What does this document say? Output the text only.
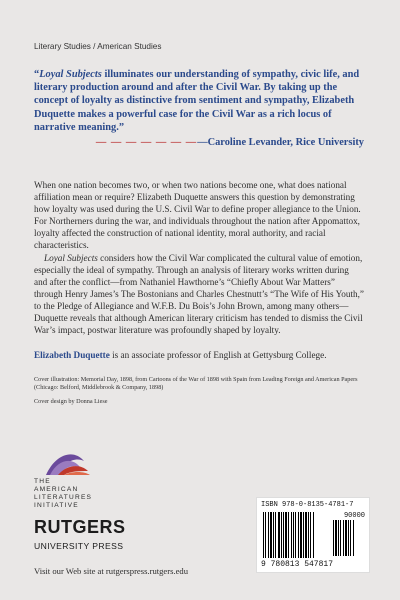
Literary Studies / American Studies
“Loyal Subjects illuminates our understanding of sympathy, civic life, and literary production around and after the Civil War. By taking up the concept of loyalty as distinctive from sentiment and sympathy, Elizabeth Duquette makes a powerful case for the Civil War as a rich locus of narrative meaning.”
— — — — — — ——Caroline Levander, Rice University

When one nation becomes two, or when two nations become one, what does national affiliation mean or require? Elizabeth Duquette answers this question by demonstrating how loyalty was used during the U.S. Civil War to define proper allegiance to the Union. For Northerners during the war, and individuals throughout the nation after Appomattox, loyalty affected the construction of national identity, moral authority, and racial characteristics.

Loyal Subjects considers how the Civil War complicated the cultural value of emotion, especially the ideal of sympathy. Through an analysis of literary works written during and after the conflict—from Nathaniel Hawthorne’s “Chiefly About War Matters” through Henry James’s The Bostonians and Charles Chestnutt’s “The Wife of His Youth,” to the Pledge of Allegiance and W.F.B. Du Bois’s John Brown, among many others—Duquette reveals that although American literary criticism has tended to dismiss the Civil War’s impact, postwar literature was profoundly shaped by loyalty.

Elizabeth Duquette is an associate professor of English at Gettysburg College.
Cover illustration: Memorial Day, 1898, from Cartoons of the War of 1898 with Spain from Leading Foreign and American Papers (Chicago: Belford, Middlebrook & Company, 1898)
Cover design by Donna Liese
THE
AMERICAN
LITERATURES
INITIATIVE
RUTGERS
UNIVERSITY PRESS
Visit our Web site at rutgerspress.rutgers.edu
ISBN 978-0-8135-4781-7
90000
9 780813 547817
